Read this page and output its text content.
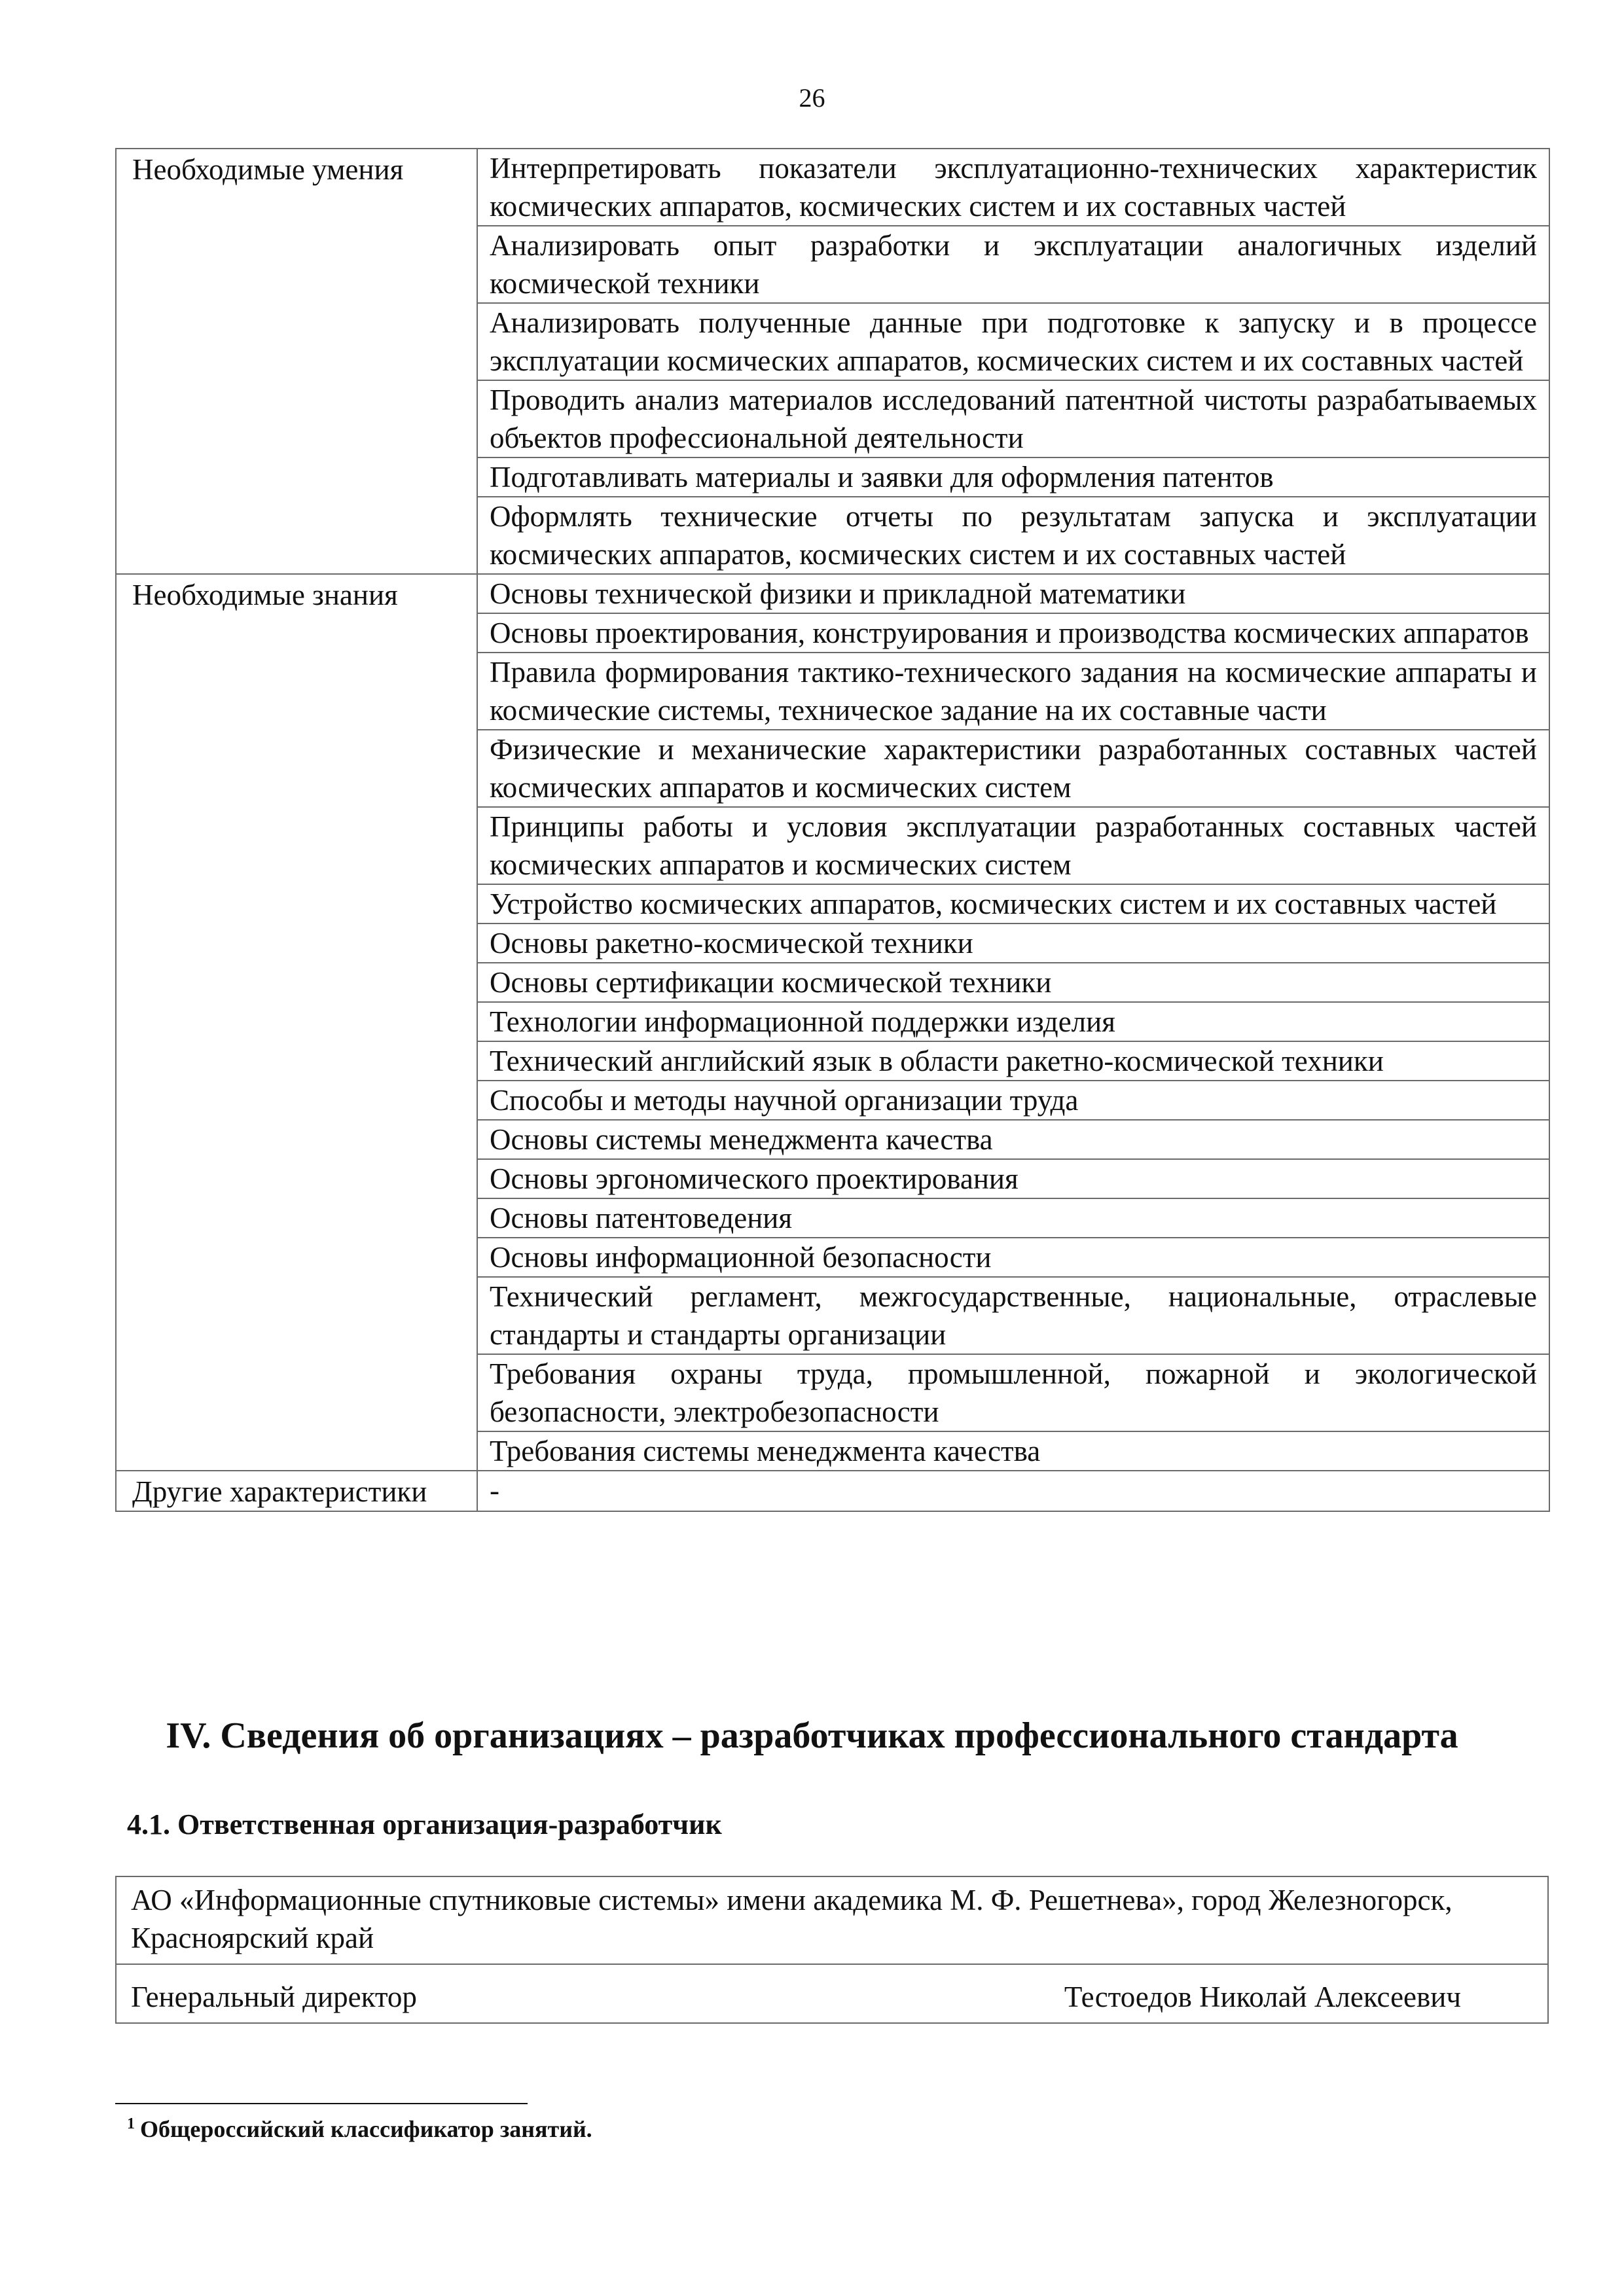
26
Необходимые умения	Интерпретировать показатели эксплуатационно-технических характеристик космических аппаратов, космических систем и их составных частей
	Анализировать опыт разработки и эксплуатации аналогичных изделий космической техники
	Анализировать полученные данные при подготовке к запуску и в процессе эксплуатации космических аппаратов, космических систем и их составных частей
	Проводить анализ материалов исследований патентной чистоты разрабатываемых объектов профессиональной деятельности
	Подготавливать материалы и заявки для оформления патентов
	Оформлять технические отчеты по результатам запуска и эксплуатации космических аппаратов, космических систем и их составных частей
Необходимые знания	Основы технической физики и прикладной математики
	Основы проектирования, конструирования и производства космических аппаратов
	Правила формирования тактико-технического задания на космические аппараты и космические системы, техническое задание на их составные части
	Физические и механические характеристики разработанных составных частей космических аппаратов и космических систем
	Принципы работы и условия эксплуатации разработанных составных частей космических аппаратов и космических систем
	Устройство космических аппаратов, космических систем и их составных частей
	Основы ракетно-космической техники
	Основы сертификации космической техники
	Технологии информационной поддержки изделия
	Технический английский язык в области ракетно-космической техники
	Способы и методы научной организации труда
	Основы системы менеджмента качества
	Основы эргономического проектирования
	Основы патентоведения
	Основы информационной безопасности
	Технический регламент, межгосударственные, национальные, отраслевые стандарты и стандарты организации
	Требования охраны труда, промышленной, пожарной и экологической безопасности, электробезопасности
	Требования системы менеджмента качества
Другие характеристики	-
IV. Сведения об организациях – разработчиках профессионального стандарта
4.1. Ответственная организация-разработчик
АО «Информационные спутниковые системы» имени академика М. Ф. Решетнева», город Железногорск, Красноярский край

Генеральный директор	Тестоедов Николай Алексеевич
$^1$ Общероссийский классификатор занятий.
